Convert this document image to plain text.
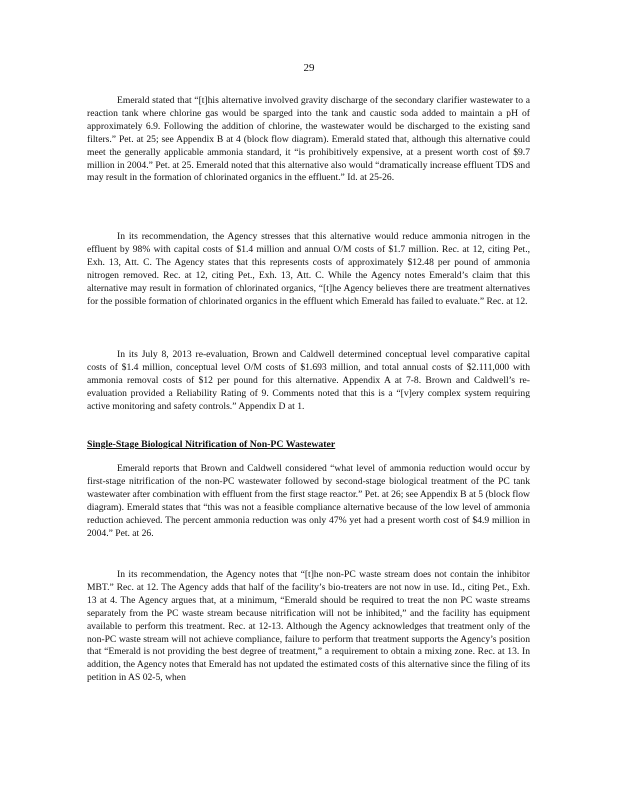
29

Emerald stated that “[t]his alternative involved gravity discharge of the secondary clarifier wastewater to a reaction tank where chlorine gas would be sparged into the tank and caustic soda added to maintain a pH of approximately 6.9. Following the addition of chlorine, the wastewater would be discharged to the existing sand filters.” Pet. at 25; see Appendix B at 4 (block flow diagram). Emerald stated that, although this alternative could meet the generally applicable ammonia standard, it “is prohibitively expensive, at a present worth cost of $9.7 million in 2004.” Pet. at 25. Emerald noted that this alternative also would “dramatically increase effluent TDS and may result in the formation of chlorinated organics in the effluent.” Id. at 25-26.

In its recommendation, the Agency stresses that this alternative would reduce ammonia nitrogen in the effluent by 98% with capital costs of $1.4 million and annual O/M costs of $1.7 million. Rec. at 12, citing Pet., Exh. 13, Att. C. The Agency states that this represents costs of approximately $12.48 per pound of ammonia nitrogen removed. Rec. at 12, citing Pet., Exh. 13, Att. C. While the Agency notes Emerald’s claim that this alternative may result in formation of chlorinated organics, “[t]he Agency believes there are treatment alternatives for the possible formation of chlorinated organics in the effluent which Emerald has failed to evaluate.” Rec. at 12.

In its July 8, 2013 re-evaluation, Brown and Caldwell determined conceptual level comparative capital costs of $1.4 million, conceptual level O/M costs of $1.693 million, and total annual costs of $2.111,000 with ammonia removal costs of $12 per pound for this alternative. Appendix A at 7-8. Brown and Caldwell’s re-evaluation provided a Reliability Rating of 9. Comments noted that this is a “[v]ery complex system requiring active monitoring and safety controls.” Appendix D at 1.

Single-Stage Biological Nitrification of Non-PC Wastewater

Emerald reports that Brown and Caldwell considered “what level of ammonia reduction would occur by first-stage nitrification of the non-PC wastewater followed by second-stage biological treatment of the PC tank wastewater after combination with effluent from the first stage reactor.” Pet. at 26; see Appendix B at 5 (block flow diagram). Emerald states that “this was not a feasible compliance alternative because of the low level of ammonia reduction achieved. The percent ammonia reduction was only 47% yet had a present worth cost of $4.9 million in 2004.” Pet. at 26.

In its recommendation, the Agency notes that “[t]he non-PC waste stream does not contain the inhibitor MBT.” Rec. at 12. The Agency adds that half of the facility’s bio-treaters are not now in use. Id., citing Pet., Exh. 13 at 4. The Agency argues that, at a minimum, “Emerald should be required to treat the non PC waste streams separately from the PC waste stream because nitrification will not be inhibited,” and the facility has equipment available to perform this treatment. Rec. at 12-13. Although the Agency acknowledges that treatment only of the non-PC waste stream will not achieve compliance, failure to perform that treatment supports the Agency’s position that “Emerald is not providing the best degree of treatment,” a requirement to obtain a mixing zone. Rec. at 13. In addition, the Agency notes that Emerald has not updated the estimated costs of this alternative since the filing of its petition in AS 02-5, when
